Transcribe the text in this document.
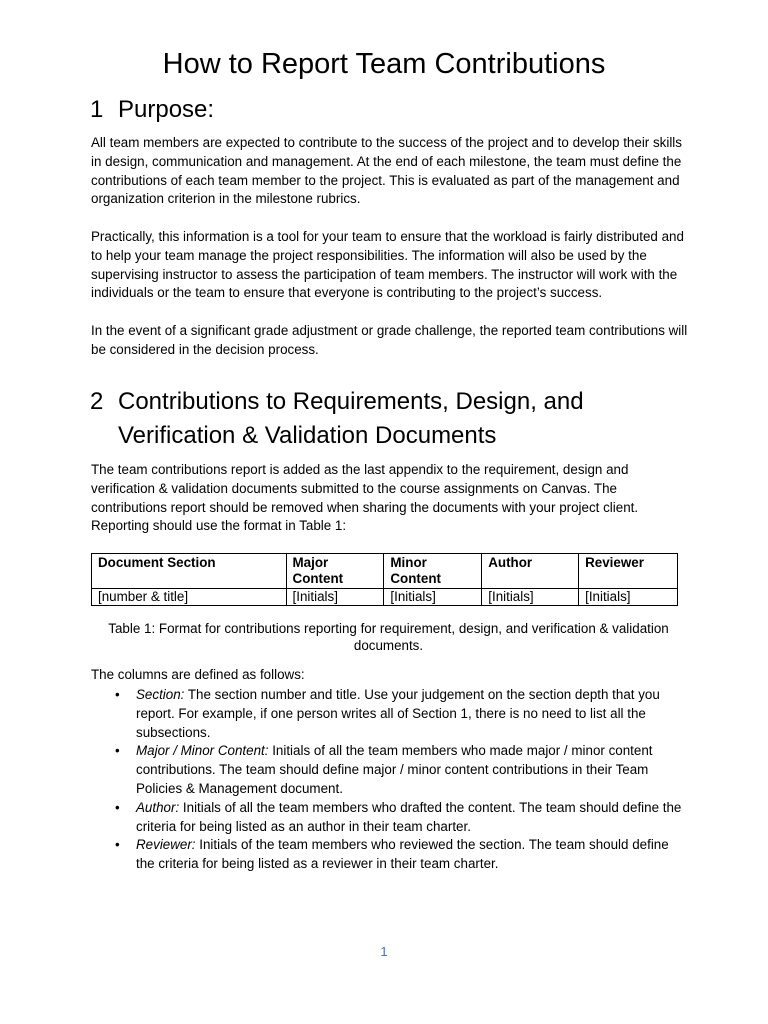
How to Report Team Contributions
1 Purpose:

All team members are expected to contribute to the success of the project and to develop their skills in design, communication and management. At the end of each milestone, the team must define the contributions of each team member to the project. This is evaluated as part of the management and organization criterion in the milestone rubrics.

Practically, this information is a tool for your team to ensure that the workload is fairly distributed and to help your team manage the project responsibilities. The information will also be used by the supervising instructor to assess the participation of team members. The instructor will work with the individuals or the team to ensure that everyone is contributing to the project’s success.

In the event of a significant grade adjustment or grade challenge, the reported team contributions will be considered in the decision process.

2 Contributions to Requirements, Design, and
Verification & Validation Documents

The team contributions report is added as the last appendix to the requirement, design and verification & validation documents submitted to the course assignments on Canvas. The contributions report should be removed when sharing the documents with your project client. Reporting should use the format in Table 1:

Document Section	Major Content	Minor Content	Author	Reviewer
[number & title]	[Initials]	[Initials]	[Initials]	[Initials]

Table 1: Format for contributions reporting for requirement, design, and verification & validation documents.

The columns are defined as follows:

• Section: The section number and title. Use your judgement on the section depth that you report. For example, if one person writes all of Section 1, there is no need to list all the subsections.
• Major / Minor Content: Initials of all the team members who made major / minor content contributions. The team should define major / minor content contributions in their Team Policies & Management document.
• Author: Initials of all the team members who drafted the content. The team should define the criteria for being listed as an author in their team charter.
• Reviewer: Initials of the team members who reviewed the section. The team should define the criteria for being listed as a reviewer in their team charter.
1
